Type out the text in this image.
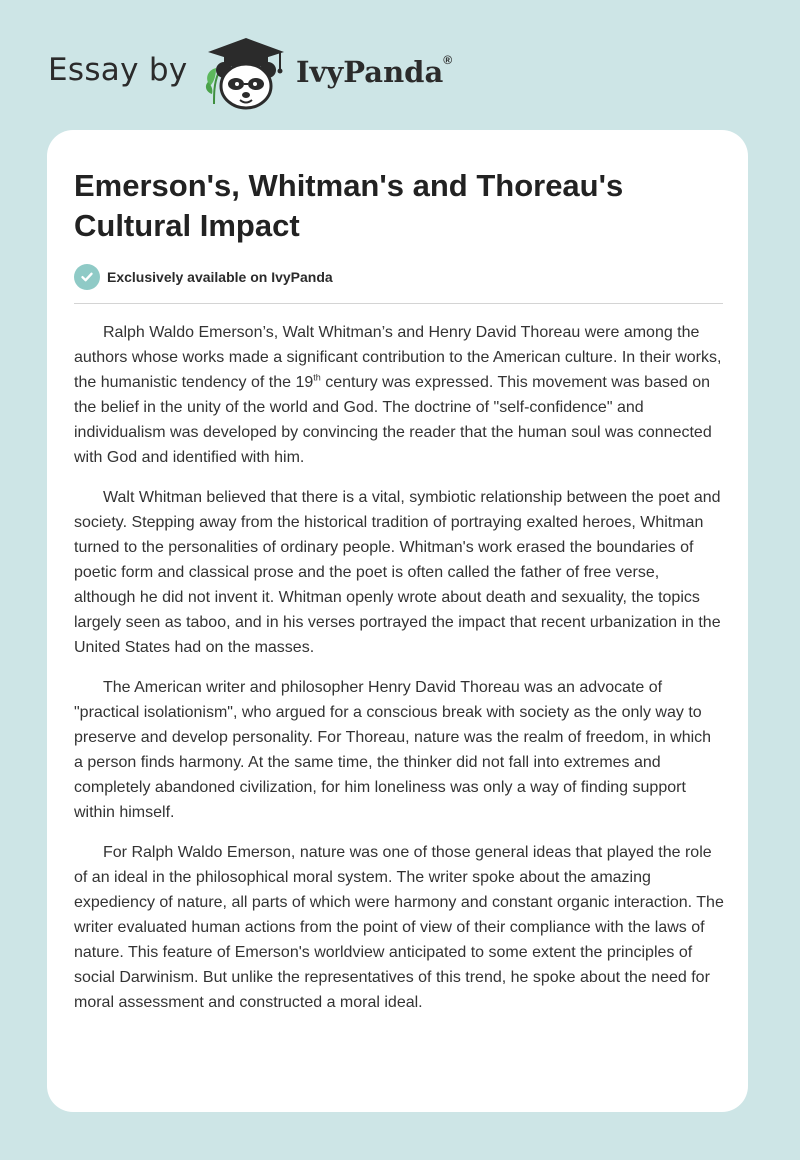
Essay by	IvyPanda®
Emerson's, Whitman's and Thoreau's Cultural Impact
Exclusively available on IvyPanda

Ralph Waldo Emerson’s, Walt Whitman’s and Henry David Thoreau were among the authors whose works made a significant contribution to the American culture. In their works, the humanistic tendency of the 19th century was expressed. This movement was based on the belief in the unity of the world and God. The doctrine of "self-confidence" and individualism was developed by convincing the reader that the human soul was connected with God and identified with him.

Walt Whitman believed that there is a vital, symbiotic relationship between the poet and society. Stepping away from the historical tradition of portraying exalted heroes, Whitman turned to the personalities of ordinary people. Whitman's work erased the boundaries of poetic form and classical prose and the poet is often called the father of free verse, although he did not invent it. Whitman openly wrote about death and sexuality, the topics largely seen as taboo, and in his verses portrayed the impact that recent urbanization in the United States had on the masses.

The American writer and philosopher Henry David Thoreau was an advocate of "practical isolationism", who argued for a conscious break with society as the only way to preserve and develop personality. For Thoreau, nature was the realm of freedom, in which a person finds harmony. At the same time, the thinker did not fall into extremes and completely abandoned civilization, for him loneliness was only a way of finding support within himself.

For Ralph Waldo Emerson, nature was one of those general ideas that played the role of an ideal in the philosophical moral system. The writer spoke about the amazing expediency of nature, all parts of which were harmony and constant organic interaction. The writer evaluated human actions from the point of view of their compliance with the laws of nature. This feature of Emerson's worldview anticipated to some extent the principles of social Darwinism. But unlike the representatives of this trend, he spoke about the need for moral assessment and constructed a moral ideal.
